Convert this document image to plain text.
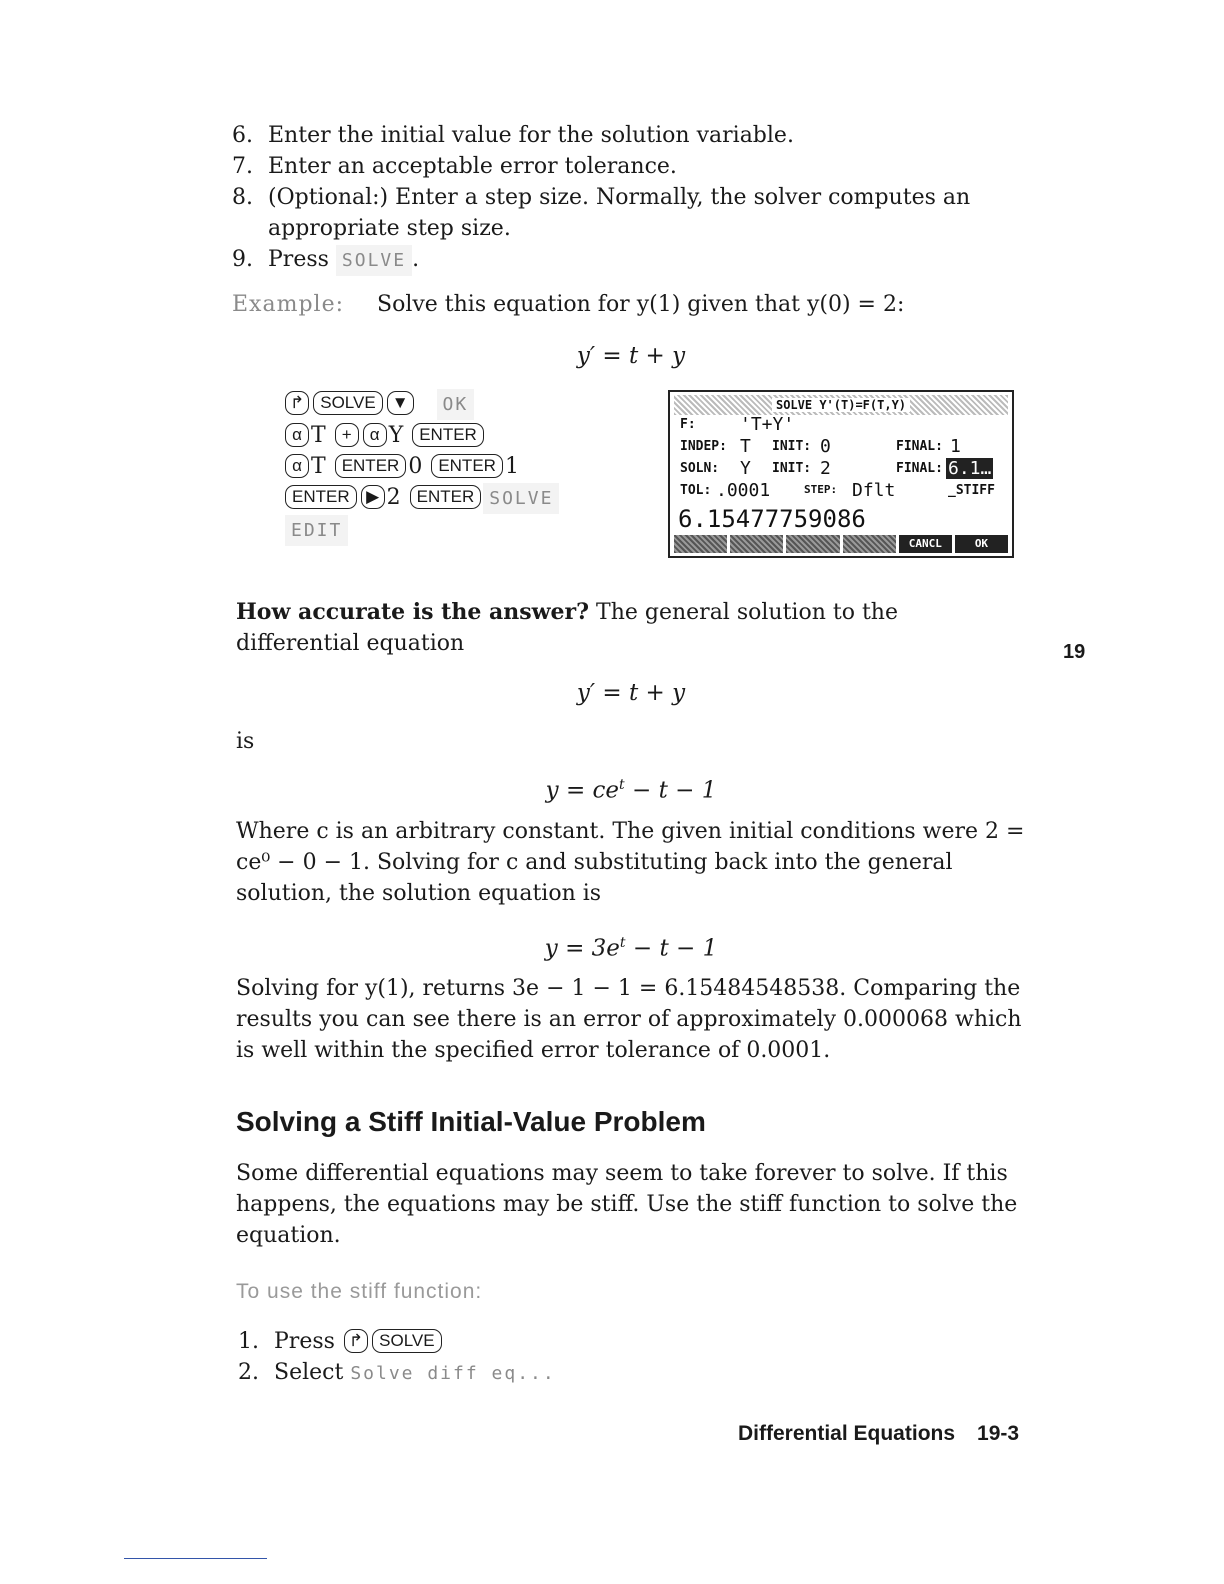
6. Enter the initial value for the solution variable.
7. Enter an acceptable error tolerance.
8. (Optional:) Enter a step size. Normally, the solver computes an appropriate step size.
9. Press SOLVE .
Example: Solve this equation for y(1) given that y(0) = 2:
y′ = t + y
↱ SOLVE ▼ OK
α T + α Y ENTER
α T ENTER 0 ENTER 1
ENTER ▶ 2 ENTER SOLVE
EDIT
SOLVE Y'(T)=F(T,Y)
F: 'T+Y'
INDEP: T INIT: 0	FINAL: 1
SOLN: Y INIT: 2	FINAL: 6.1…
TOL: .0001	STEP: Dflt	_STIFF
6.15477759086
CANCL	OK
How accurate is the answer? The general solution to the differential equation
y′ = t + y
is
$y = ce^t - t - 1$
Where c is an arbitrary constant. The given initial conditions were 2 = ce⁰ − 0 − 1. Solving for c and substituting back into the general solution, the solution equation is
$y = 3e^t - t - 1$
Solving for y(1), returns 3e − 1 − 1 = 6.15484548538. Comparing the results you can see there is an error of approximately 0.000068 which is well within the specified error tolerance of 0.0001.
Solving a Stiff Initial-Value Problem
Some differential equations may seem to take forever to solve. If this happens, the equations may be stiff. Use the stiff function to solve the equation.
To use the stiff function:
1. Press ↱ SOLVE
2. Select Solve diff eq...
19
Differential Equations 19-3
